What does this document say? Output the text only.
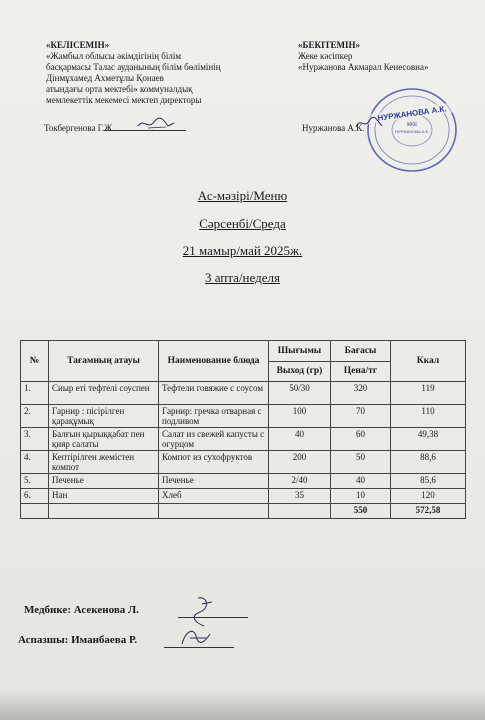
«КЕЛІСЕМІН»
«Жамбыл облысы әкімдігінің білім
басқармасы Талас ауданының білім бөлімінің
Дінмұхамед Ахметұлы Қонаев
атындағы орта мектебі» коммуналдық
мемлекеттік мекемесі мектеп директоры
Токбергенова Г.Ж.
«БЕКІТЕМІН»
Жеке кәсіпкер
«Нуржанова Акмарал Кенесовна»
Нуржанова А.К.	ЖКЕ
НУРЖАНОВА А.К.
НУРЖАНОВА А.К.
Ас-мәзірі/Меню
Сәрсенбі/Среда
21 мамыр/май 2025ж.
3 апта/неделя
№	Тағамның атауы	Наименование блюда	Шығымы	Бағасы	Ккал
			Выход (гр)	Цена/тг	
1.	Сиыр еті тефтелі соуспен	Тефтели говяжие с соусом	50/30	320	119
2.	Гарнир : пісірілген қарақұмық	Гарнир: гречка отварная с подливом	100	70	110
3.	Балғын қырыққабат пен қияр салаты	Салат из свежей капусты с огурцом	40	60	49,38
4.	Кептірілген жемістен компот	Компот из сухофруктов	200	50	88,6
5.	Печенье	Печенье	2/40	40	85,6
6.	Нан	Хлеб	35	10	120
				550	572,58
Медбике: Асекенова Л.
Аспазшы: Иманбаева Р.
